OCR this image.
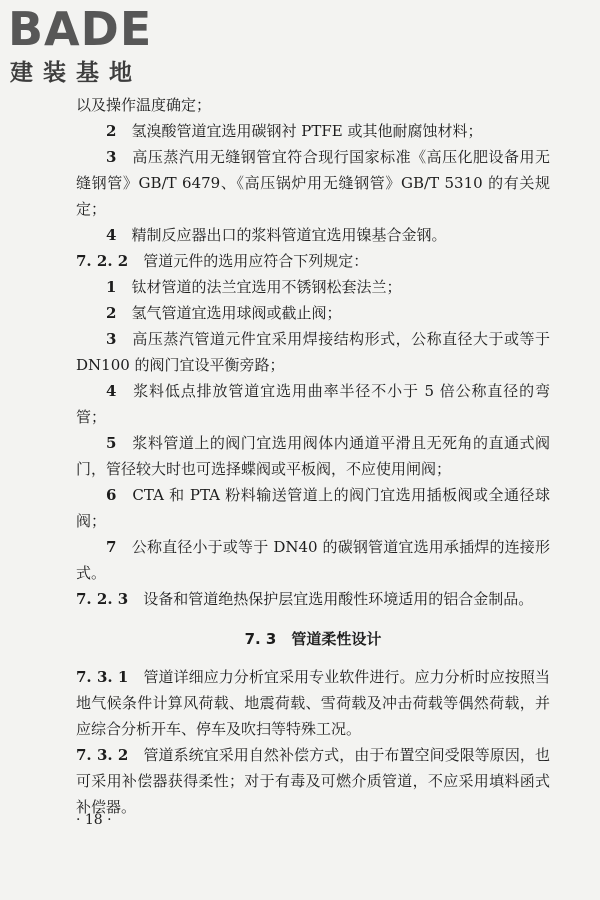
BADE
建装基地

以及操作温度确定；

2　 氢溴酸管道宜选用碳钢衬 PTFE 或其他耐腐蚀材料；

3　 高压蒸汽用无缝钢管宜符合现行国家标准《高压化肥设备用无缝钢管》GB/T 6479、《高压锅炉用无缝钢管》GB/T 5310 的有关规定；

4　 精制反应器出口的浆料管道宜选用镍基合金钢。

7. 2. 2　 管道元件的选用应符合下列规定：

1　 钛材管道的法兰宜选用不锈钢松套法兰；

2　 氢气管道宜选用球阀或截止阀；

3　 高压蒸汽管道元件宜采用焊接结构形式，公称直径大于或等于 DN100 的阀门宜设平衡旁路；

4　 浆料低点排放管道宜选用曲率半径不小于 5 倍公称直径的弯管；

5　 浆料管道上的阀门宜选用阀体内通道平滑且无死角的直通式阀门，管径较大时也可选择蝶阀或平板阀，不应使用闸阀；

6　 CTA 和 PTA 粉料输送管道上的阀门宜选用插板阀或全通径球阀；

7　 公称直径小于或等于 DN40 的碳钢管道宜选用承插焊的连接形式。

7. 2. 3　 设备和管道绝热保护层宜选用酸性环境适用的铝合金制品。

7. 3　 管道柔性设计

7. 3. 1　 管道详细应力分析宜采用专业软件进行。应力分析时应按照当地气候条件计算风荷载、地震荷载、雪荷载及冲击荷载等偶然荷载，并应综合分析开车、停车及吹扫等特殊工况。

7. 3. 2　 管道系统宜采用自然补偿方式，由于布置空间受限等原因，也可采用补偿器获得柔性；对于有毒及可燃介质管道，不应采用填料函式补偿器。

· 18 ·
